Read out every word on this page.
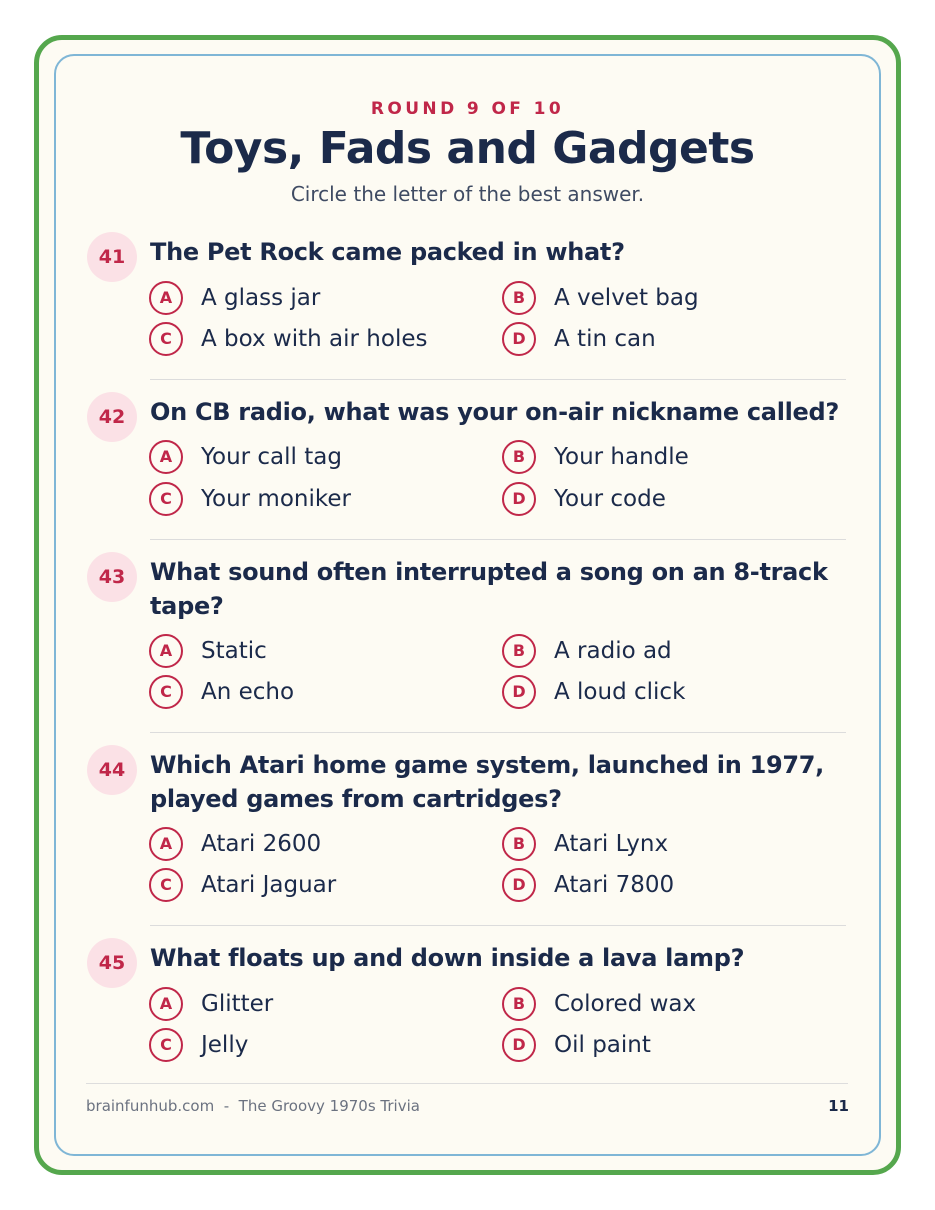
ROUND 9 OF 10
Toys, Fads and Gadgets
Circle the letter of the best answer.
41	The Pet Rock came packed in what?
A	A glass jar	B	A velvet bag
C	A box with air holes	D	A tin can
42	On CB radio, what was your on-air nickname called?
A	Your call tag	B	Your handle
C	Your moniker	D	Your code
43	What sound often interrupted a song on an 8-track tape?
A	Static	B	A radio ad
C	An echo	D	A loud click
44	Which Atari home game system, launched in 1977, played games from cartridges?
A	Atari 2600	B	Atari Lynx
C	Atari Jaguar	D	Atari 7800
45	What floats up and down inside a lava lamp?
A	Glitter	B	Colored wax
C	Jelly	D	Oil paint
brainfunhub.com  -  The Groovy 1970s Trivia	11
